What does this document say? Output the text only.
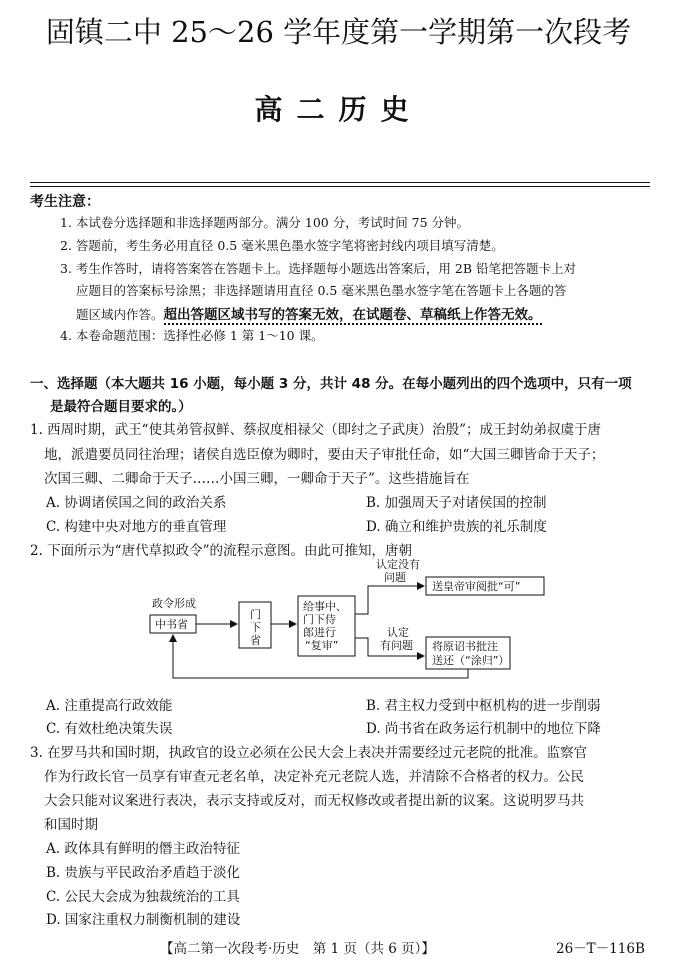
固镇二中 25～26 学年度第一学期第一次段考
高二历史
考生注意：
1. 本试卷分选择题和非选择题两部分。满分 100 分，考试时间 75 分钟。
2. 答题前，考生务必用直径 0.5 毫米黑色墨水签字笔将密封线内项目填写清楚。
3. 考生作答时，请将答案答在答题卡上。选择题每小题选出答案后，用 2B 铅笔把答题卡上对
应题目的答案标号涂黑；非选择题请用直径 0.5 毫米黑色墨水签字笔在答题卡上各题的答
题区域内作答。超出答题区域书写的答案无效，在试题卷、草稿纸上作答无效。
4. 本卷命题范围：选择性必修 1 第 1～10 课。
一、选择题（本大题共 16 小题，每小题 3 分，共计 48 分。在每小题列出的四个选项中，只有一项
是最符合题目要求的。）
1. 西周时期，武王“使其弟管叔鲜、蔡叔度相禄父（即纣之子武庚）治殷”；成王封幼弟叔虞于唐
地，派遣要员同往治理；诸侯自选臣僚为卿时，要由天子审批任命，如“大国三卿皆命于天子；
次国三卿、二卿命于天子……小国三卿，一卿命于天子”。这些措施旨在
A. 协调诸侯国之间的政治关系	B. 加强周天子对诸侯国的控制
C. 构建中央对地方的垂直管理	D. 确立和维护贵族的礼乐制度
2. 下面所示为“唐代草拟政令”的流程示意图。由此可推知，唐朝
政令形成
中书省
门
下
省
给事中、
门下侍
郎进行
“复审”
认定没有
问题
送皇帝审阅批“可”
认定
有问题 将原诏书批注
送还（“涂归”）
A. 注重提高行政效能	B. 君主权力受到中枢机构的进一步削弱
C. 有效杜绝决策失误	D. 尚书省在政务运行机制中的地位下降
3. 在罗马共和国时期，执政官的设立必须在公民大会上表决并需要经过元老院的批准。监察官
作为行政长官一员享有审查元老名单，决定补充元老院人选，并清除不合格者的权力。公民
大会只能对议案进行表决，表示支持或反对，而无权修改或者提出新的议案。这说明罗马共
和国时期
A. 政体具有鲜明的僭主政治特征
B. 贵族与平民政治矛盾趋于淡化
C. 公民大会成为独裁统治的工具
D. 国家注重权力制衡机制的建设
【高二第一次段考·历史　第 1 页（共 6 页）】	26－T－116B
